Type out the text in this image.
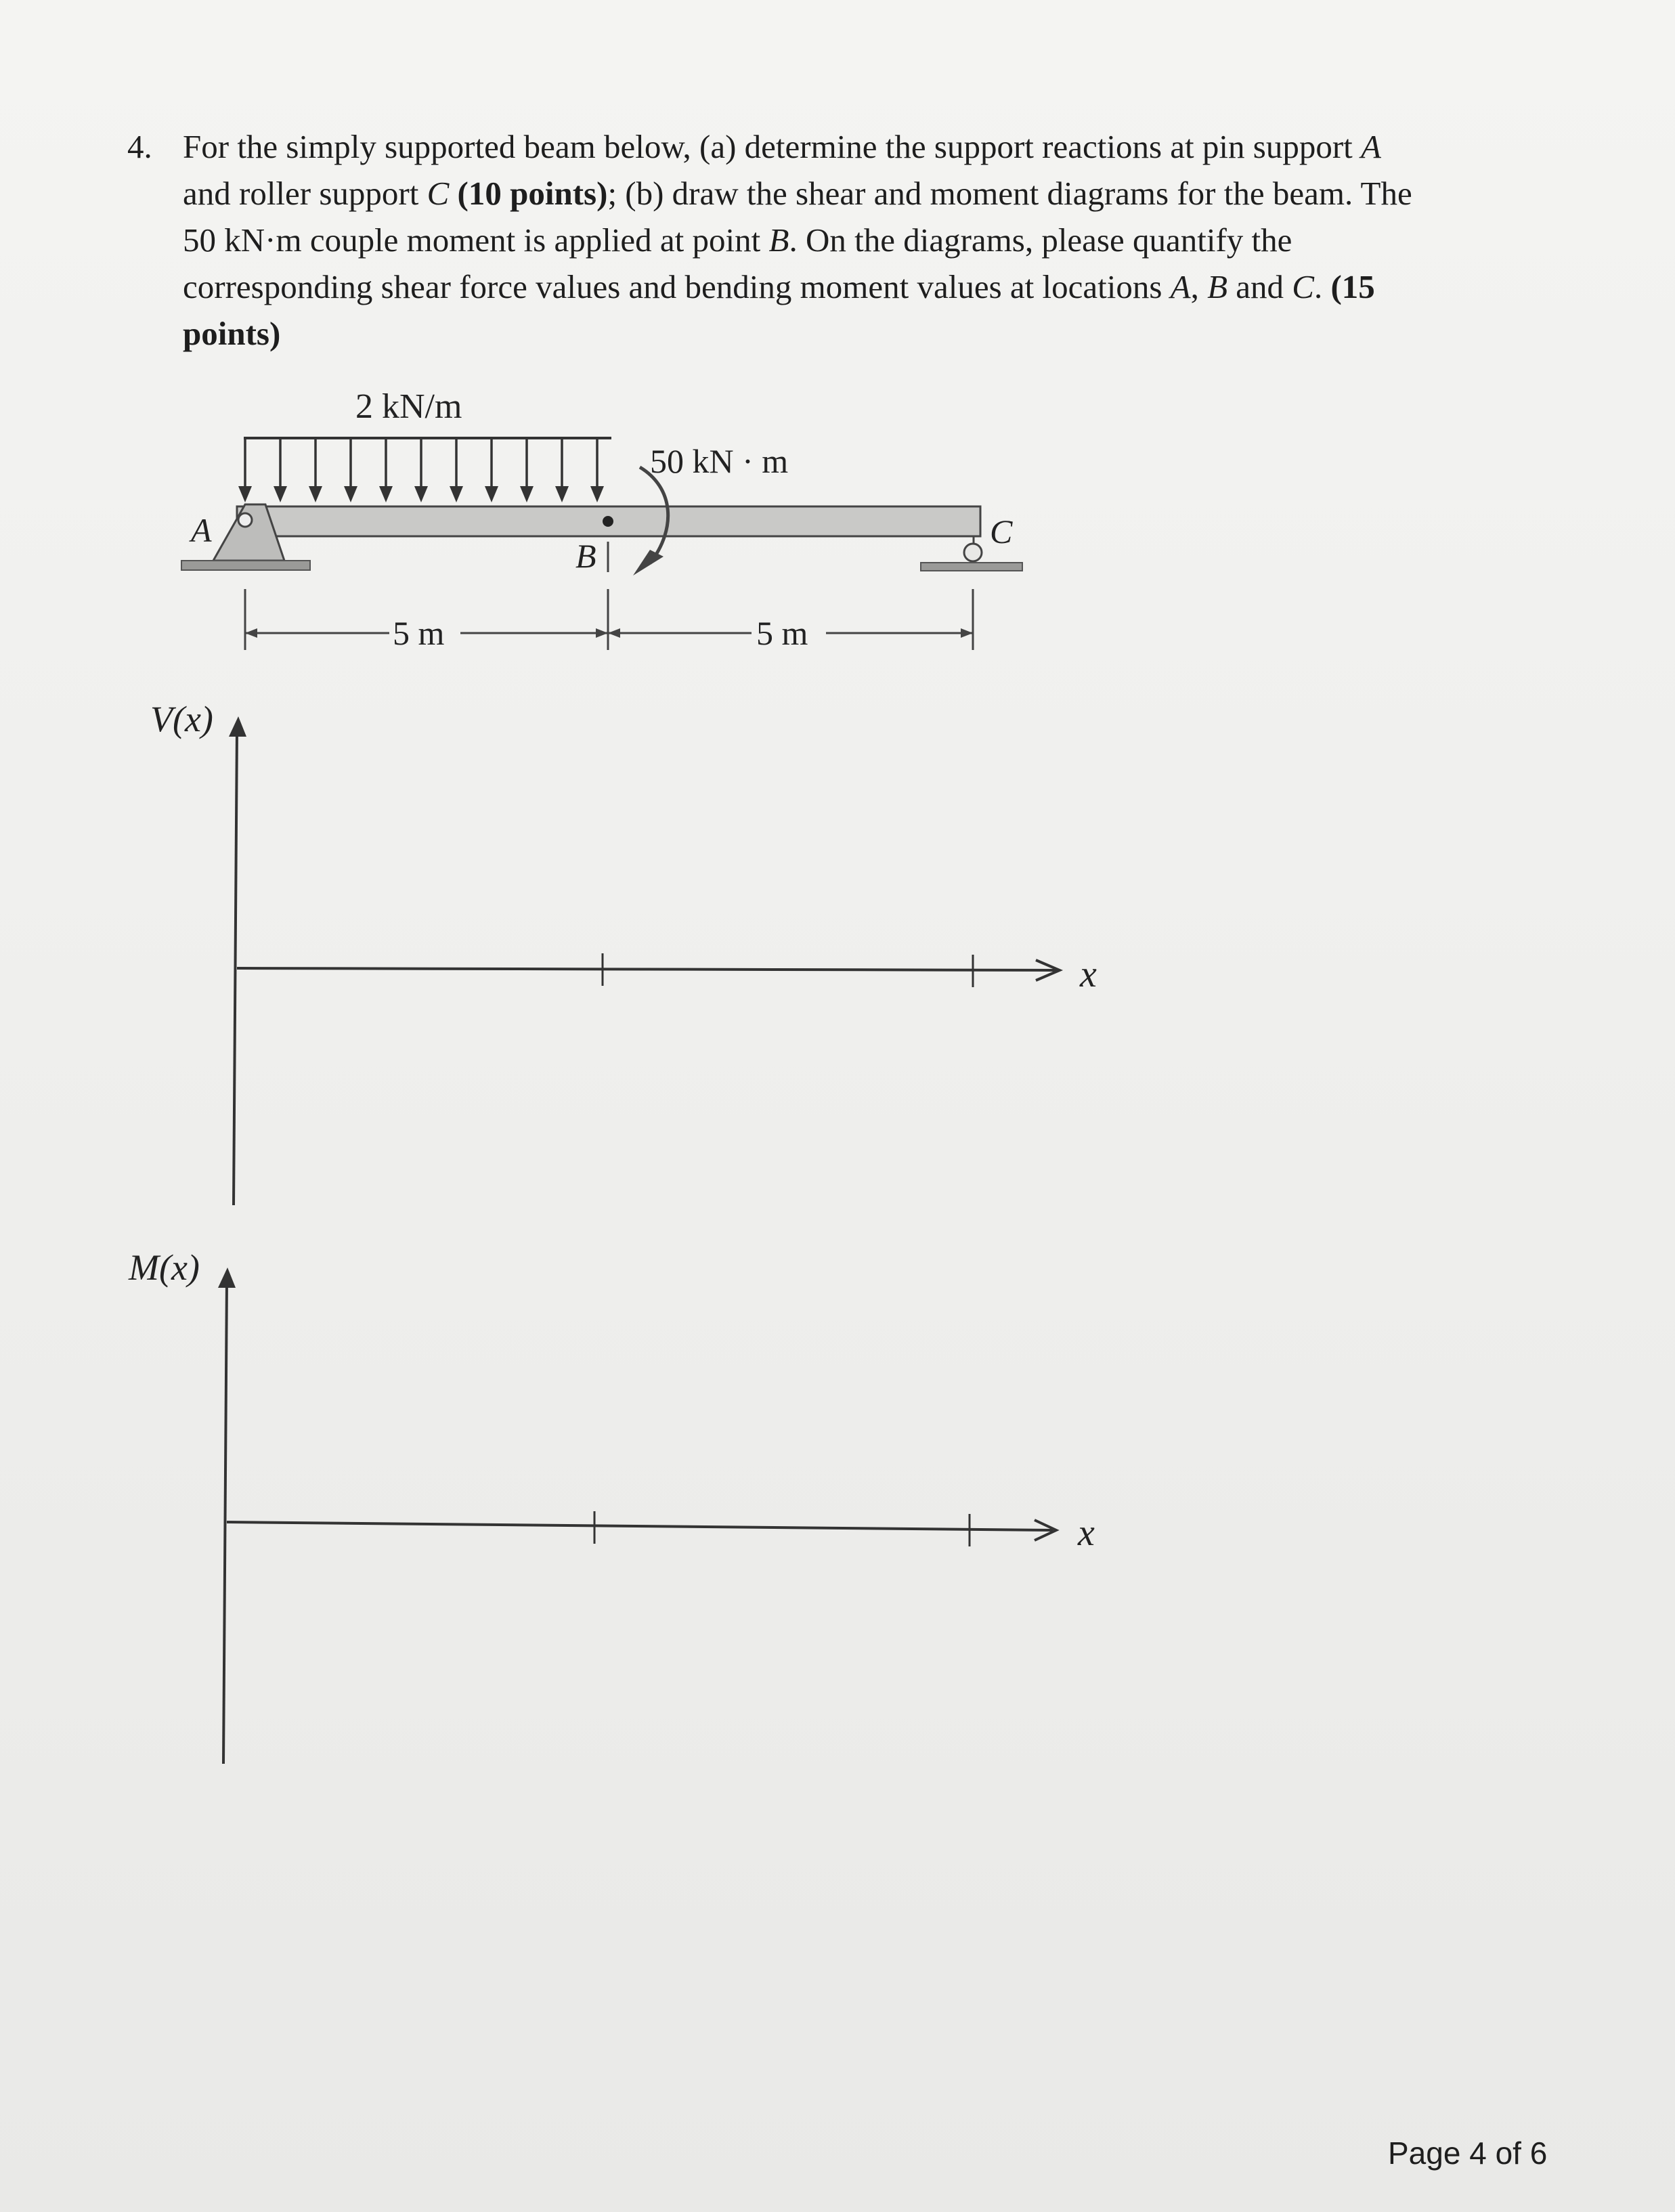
4. For the simply supported beam below, (a) determine the support reactions at pin support A
and roller support C (10 points); (b) draw the shear and moment diagrams for the beam. The
50 kN·m couple moment is applied at point B. On the diagrams, please quantify the
corresponding shear force values and bending moment values at locations A, B and C. (15
points)
2 kN/m
B
50 kN · m
A	C
5 m	5 m
V(x)
x
M(x)
x
Page 4 of 6
